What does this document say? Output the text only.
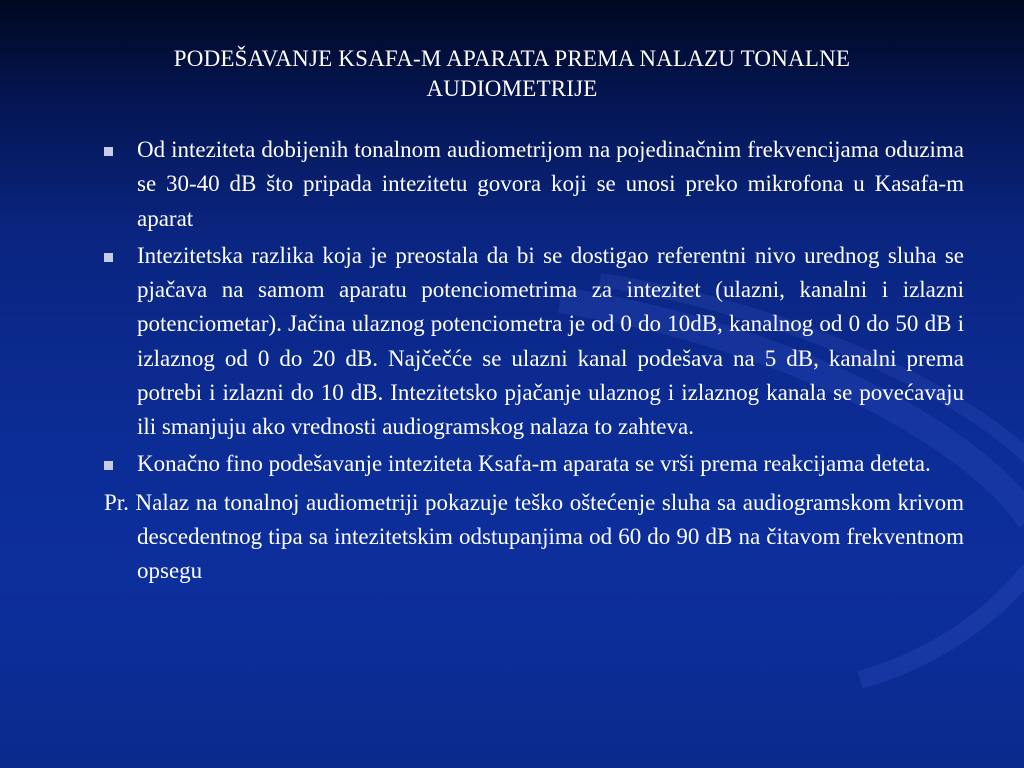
PODEŠAVANJE KSAFA-M APARATA PREMA NALAZU TONALNE AUDIOMETRIJE
Od inteziteta dobijenih tonalnom audiometrijom na pojedinačnim frekvencijama oduzima se 30-40 dB što pripada intezitetu govora koji se unosi preko mikrofona u Kasafa-m aparat
Intezitetska razlika koja je preostala da bi se dostigao referentni nivo urednog sluha se pjačava na samom aparatu potenciometrima za intezitet (ulazni, kanalni i izlazni potenciometar). Jačina ulaznog potenciometra je od 0 do 10dB, kanalnog od 0 do 50 dB i izlaznog od 0 do 20 dB. Najčečće se ulazni kanal podešava na 5 dB, kanalni prema potrebi i izlazni do 10 dB. Intezitetsko pjačanje ulaznog i izlaznog kanala se povećavaju ili smanjuju ako vrednosti audiogramskog nalaza to zahteva.
Konačno fino podešavanje inteziteta Ksafa-m aparata se vrši prema reakcijama deteta.
Pr. Nalaz na tonalnoj audiometriji pokazuje teško oštećenje sluha sa audiogramskom krivom descedentnog tipa sa intezitetskim odstupanjima od 60 do 90 dB na čitavom frekventnom opsegu
